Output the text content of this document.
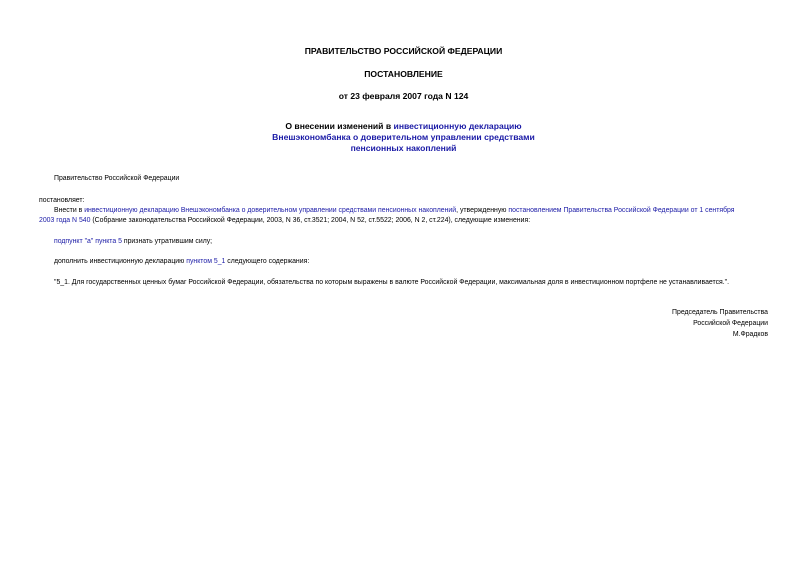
ПРАВИТЕЛЬСТВО РОССИЙСКОЙ ФЕДЕРАЦИИ
ПОСТАНОВЛЕНИЕ
от 23 февраля 2007 года N 124
О внесении изменений в инвестиционную декларацию
Внешэкономбанка о доверительном управлении средствами
пенсионных накоплений
Правительство Российской Федерации
постановляет:
Внести в инвестиционную декларацию Внешэкономбанка о доверительном управлении средствами пенсионных накоплений, утвержденную постановлением Правительства Российской Федерации от 1 сентября
2003 года N 540 (Собрание законодательства Российской Федерации, 2003, N 36, ст.3521; 2004, N 52, ст.5522; 2006, N 2, ст.224), следующие изменения:
подпункт "а" пункта 5 признать утратившим силу;
дополнить инвестиционную декларацию пунктом 5_1 следующего содержания:
"5_1. Для государственных ценных бумаг Российской Федерации, обязательства по которым выражены в валюте Российской Федерации, максимальная доля в инвестиционном портфеле не устанавливается.".
Председатель Правительства
Российской Федерации
М.Фрадков
